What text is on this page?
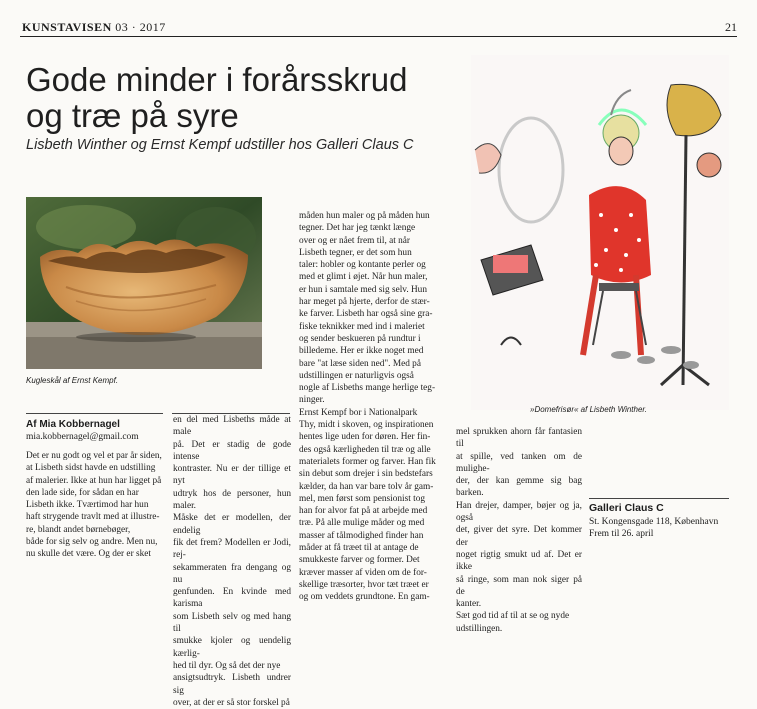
KUNSTAVISEN 03 · 2017	21
Gode minder i forårsskrud
og træ på syre
Lisbeth Winther og Ernst Kempf udstiller hos Galleri Claus C
Kugleskål af Ernst Kempf.
Af Mia Kobbernagel
mia.kobbernagel@gmail.com
Det er nu godt og vel et par år siden,
at Lisbeth sidst havde en udstilling
af malerier. Ikke at hun har ligget på
den lade side, for sådan en har
Lisbeth ikke. Tværtimod har hun
haft strygende travlt med at illustre-
re, blandt andet børnebøger,
både for sig selv og andre. Men nu,
nu skulle det være. Og der er sket
en del med Lisbeths måde at male
på. Det er stadig de gode intense
kontraster. Nu er der tillige et nyt
udtryk hos de personer, hun maler.
Måske det er modellen, der endelig
fik det frem? Modellen er Jodi, rej-
sekammeraten fra dengang og nu
genfunden. En kvinde med karisma
som Lisbeth selv og med hang til
smukke kjoler og uendelig kærlig-
hed til dyr. Og så det der nye
ansigtsudtryk. Lisbeth undrer sig
over, at der er så stor forskel på
måden hun maler og på måden hun
tegner. Det har jeg tænkt længe
over og er nået frem til, at når
Lisbeth tegner, er det som hun
taler: hobler og kontante perler og
med et glimt i øjet. Når hun maler,
er hun i samtale med sig selv. Hun
har meget på hjerte, derfor de stær-
ke farver. Lisbeth har også sine gra-
fiske teknikker med ind i maleriet
og sender beskueren på rundtur i
billedeme. Her er ikke noget med
bare "at læse siden ned". Med på
udstillingen er naturligvis også
nogle af Lisbeths mange herlige teg-
ninger.
Ernst Kempf bor i Nationalpark
Thy, midt i skoven, og inspirationen
hentes lige uden for døren. Her fin-
des også kærligheden til træ og alle
materialets former og farver. Han fik
sin debut som drejer i sin bedstefars
kælder, da han var bare tolv år gam-
mel, men først som pensionist tog
han for alvor fat på at arbejde med
træ. På alle mulige måder og med
masser af tålmodighed finder han
måder at få træet til at antage de
smukkeste farver og former. Det
kræver masser af viden om de for-
skellige træsorter, hvor tæt træet er
og om veddets grundtone. En gam-
mel sprukken ahorn får fantasien til
at spille, ved tanken om de mulighe-
der, der kan gemme sig bag barken.
Han drejer, damper, bøjer og ja, også
det, giver det syre. Det kommer der
noget rigtig smukt ud af. Det er ikke
så ringe, som man nok siger på de
kanter.
Sæt god tid af til at se og nyde
udstillingen.
»Domefrisør« af Lisbeth Winther.
Galleri Claus C
St. Kongensgade 118, København
Frem til 26. april
